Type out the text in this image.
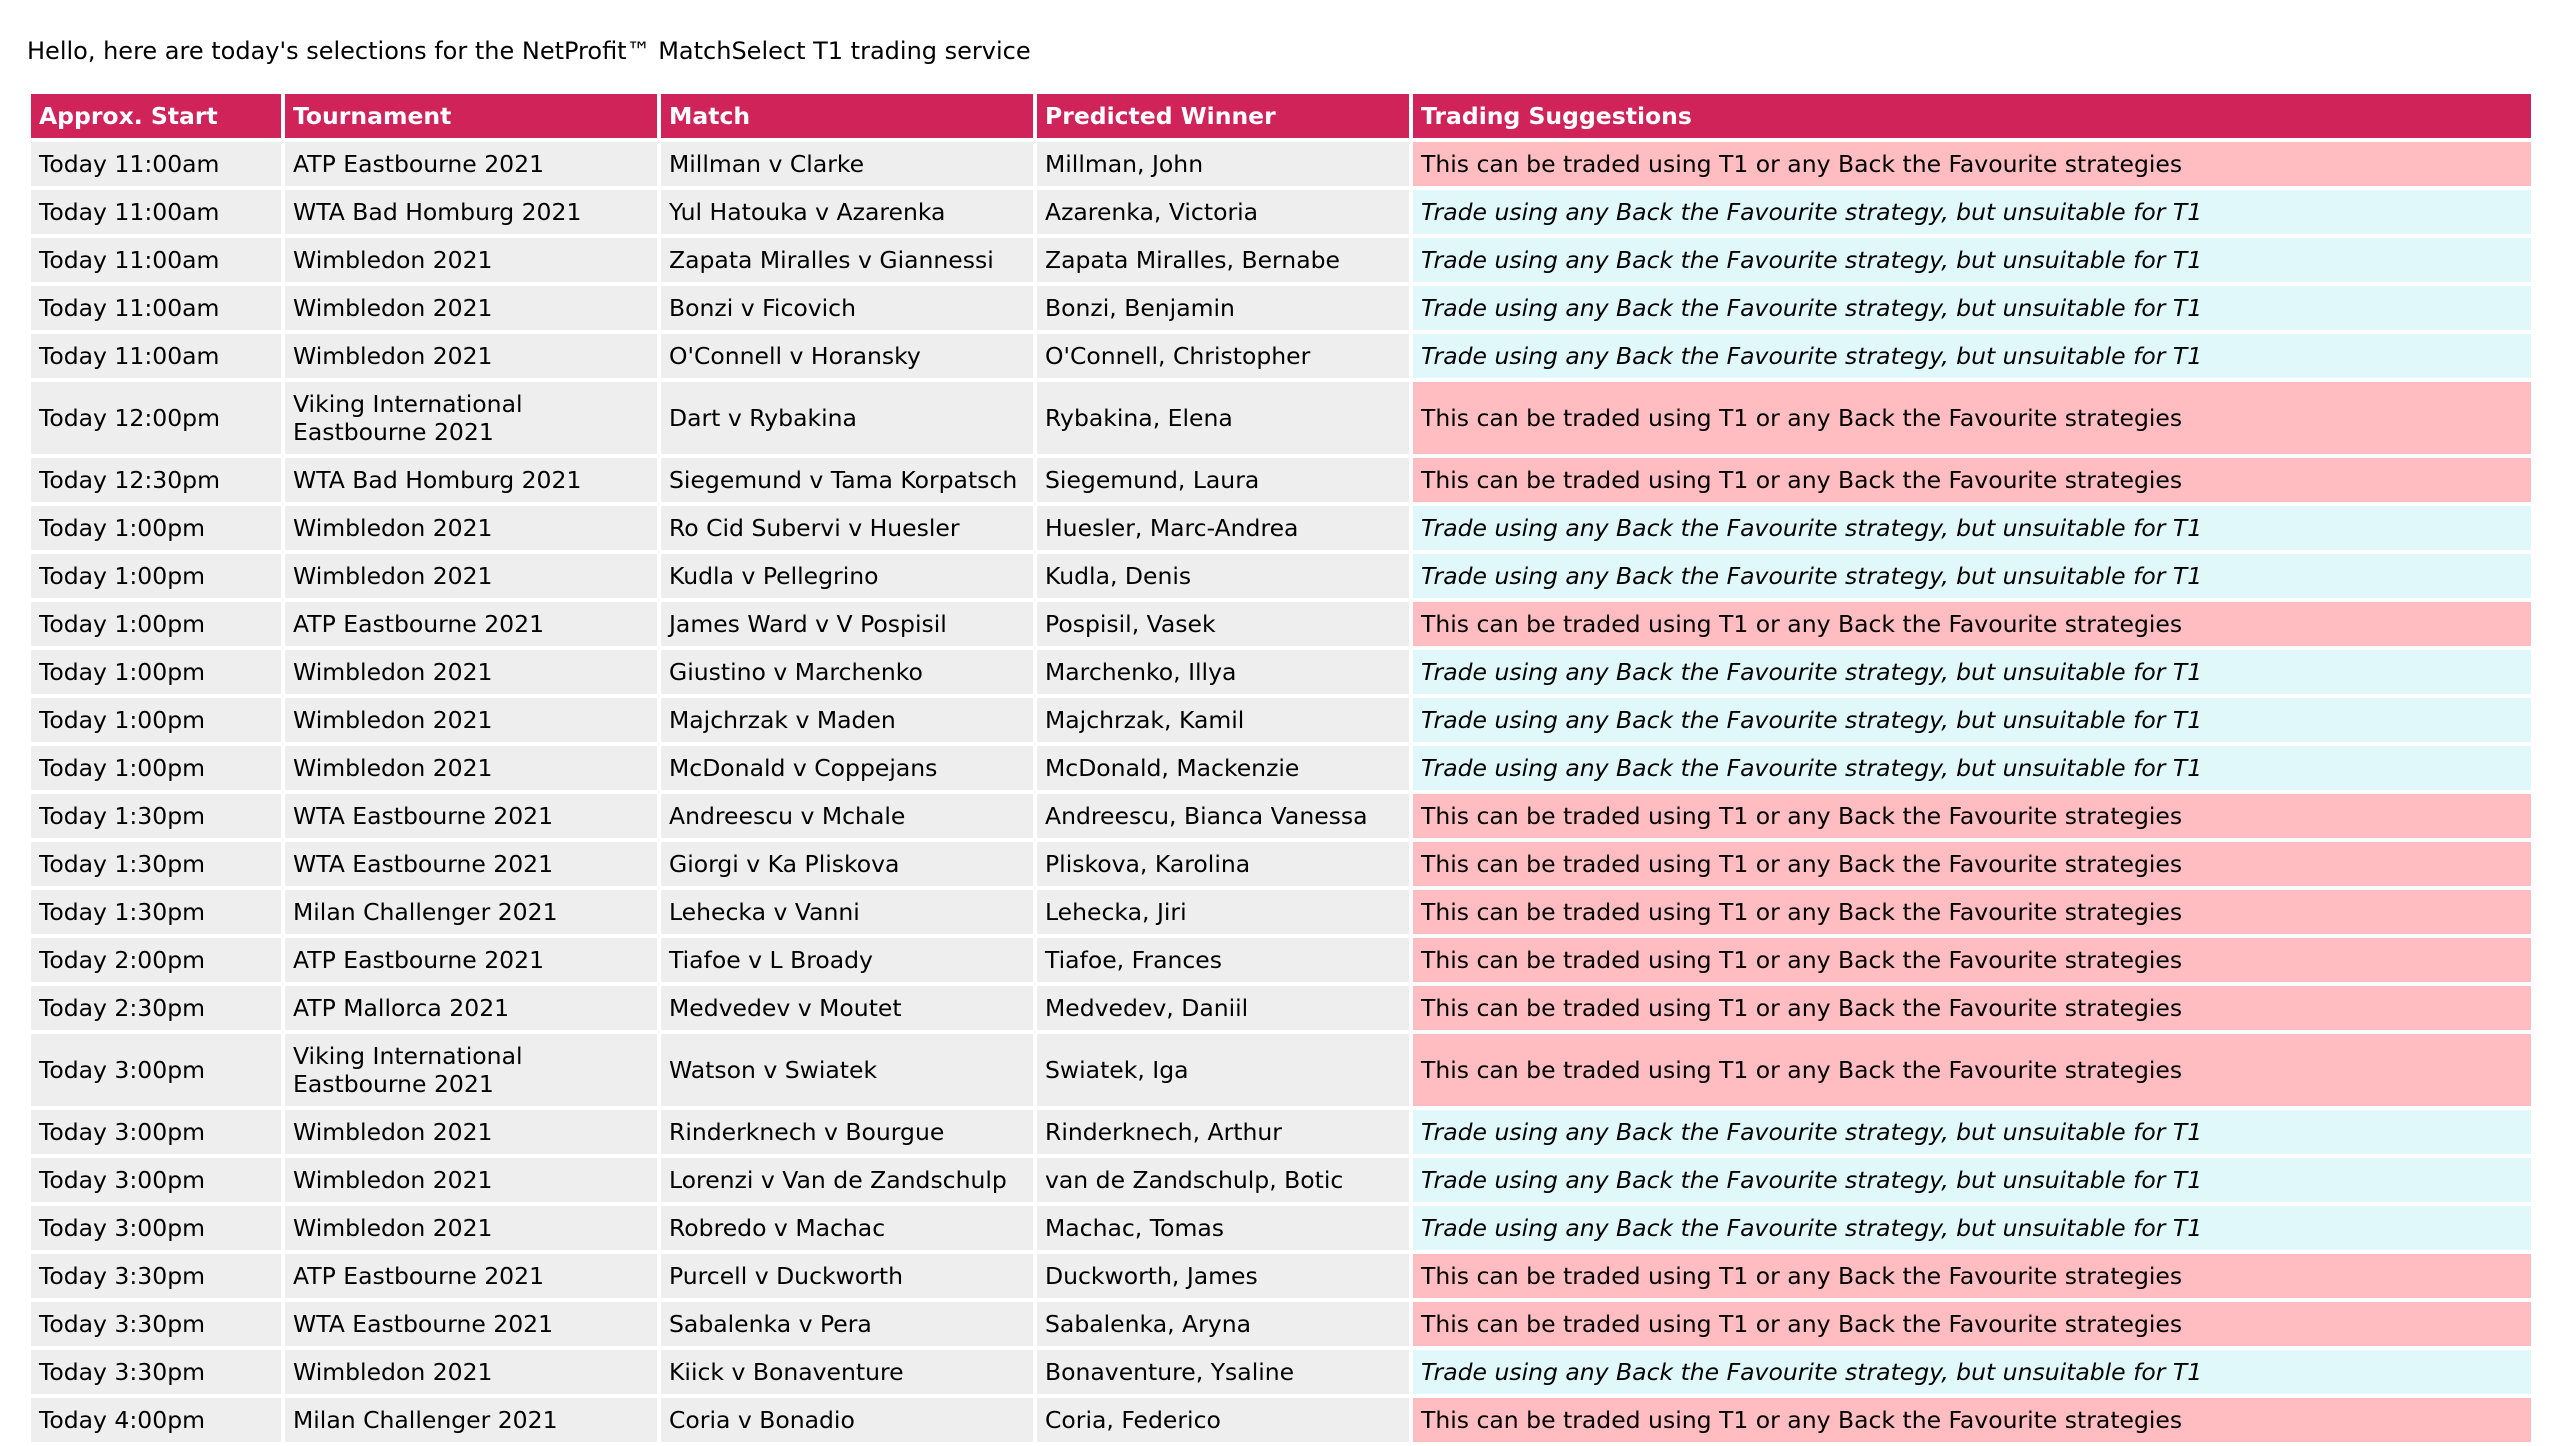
Hello, here are today's selections for the NetProfit™ MatchSelect T1 trading service
Approx. Start	Tournament	Match	Predicted Winner	Trading Suggestions
Today 11:00am	ATP Eastbourne 2021	Millman v Clarke	Millman, John	This can be traded using T1 or any Back the Favourite strategies
Today 11:00am	WTA Bad Homburg 2021	Yul Hatouka v Azarenka	Azarenka, Victoria	Trade using any Back the Favourite strategy, but unsuitable for T1
Today 11:00am	Wimbledon 2021	Zapata Miralles v Giannessi	Zapata Miralles, Bernabe	Trade using any Back the Favourite strategy, but unsuitable for T1
Today 11:00am	Wimbledon 2021	Bonzi v Ficovich	Bonzi, Benjamin	Trade using any Back the Favourite strategy, but unsuitable for T1
Today 11:00am	Wimbledon 2021	O'Connell v Horansky	O'Connell, Christopher	Trade using any Back the Favourite strategy, but unsuitable for T1
Today 12:00pm	Viking International Eastbourne 2021	Dart v Rybakina	Rybakina, Elena	This can be traded using T1 or any Back the Favourite strategies
Today 12:30pm	WTA Bad Homburg 2021	Siegemund v Tama Korpatsch	Siegemund, Laura	This can be traded using T1 or any Back the Favourite strategies
Today 1:00pm	Wimbledon 2021	Ro Cid Subervi v Huesler	Huesler, Marc-Andrea	Trade using any Back the Favourite strategy, but unsuitable for T1
Today 1:00pm	Wimbledon 2021	Kudla v Pellegrino	Kudla, Denis	Trade using any Back the Favourite strategy, but unsuitable for T1
Today 1:00pm	ATP Eastbourne 2021	James Ward v V Pospisil	Pospisil, Vasek	This can be traded using T1 or any Back the Favourite strategies
Today 1:00pm	Wimbledon 2021	Giustino v Marchenko	Marchenko, Illya	Trade using any Back the Favourite strategy, but unsuitable for T1
Today 1:00pm	Wimbledon 2021	Majchrzak v Maden	Majchrzak, Kamil	Trade using any Back the Favourite strategy, but unsuitable for T1
Today 1:00pm	Wimbledon 2021	McDonald v Coppejans	McDonald, Mackenzie	Trade using any Back the Favourite strategy, but unsuitable for T1
Today 1:30pm	WTA Eastbourne 2021	Andreescu v Mchale	Andreescu, Bianca Vanessa	This can be traded using T1 or any Back the Favourite strategies
Today 1:30pm	WTA Eastbourne 2021	Giorgi v Ka Pliskova	Pliskova, Karolina	This can be traded using T1 or any Back the Favourite strategies
Today 1:30pm	Milan Challenger 2021	Lehecka v Vanni	Lehecka, Jiri	This can be traded using T1 or any Back the Favourite strategies
Today 2:00pm	ATP Eastbourne 2021	Tiafoe v L Broady	Tiafoe, Frances	This can be traded using T1 or any Back the Favourite strategies
Today 2:30pm	ATP Mallorca 2021	Medvedev v Moutet	Medvedev, Daniil	This can be traded using T1 or any Back the Favourite strategies
Today 3:00pm	Viking International Eastbourne 2021	Watson v Swiatek	Swiatek, Iga	This can be traded using T1 or any Back the Favourite strategies
Today 3:00pm	Wimbledon 2021	Rinderknech v Bourgue	Rinderknech, Arthur	Trade using any Back the Favourite strategy, but unsuitable for T1
Today 3:00pm	Wimbledon 2021	Lorenzi v Van de Zandschulp	van de Zandschulp, Botic	Trade using any Back the Favourite strategy, but unsuitable for T1
Today 3:00pm	Wimbledon 2021	Robredo v Machac	Machac, Tomas	Trade using any Back the Favourite strategy, but unsuitable for T1
Today 3:30pm	ATP Eastbourne 2021	Purcell v Duckworth	Duckworth, James	This can be traded using T1 or any Back the Favourite strategies
Today 3:30pm	WTA Eastbourne 2021	Sabalenka v Pera	Sabalenka, Aryna	This can be traded using T1 or any Back the Favourite strategies
Today 3:30pm	Wimbledon 2021	Kiick v Bonaventure	Bonaventure, Ysaline	Trade using any Back the Favourite strategy, but unsuitable for T1
Today 4:00pm	Milan Challenger 2021	Coria v Bonadio	Coria, Federico	This can be traded using T1 or any Back the Favourite strategies
